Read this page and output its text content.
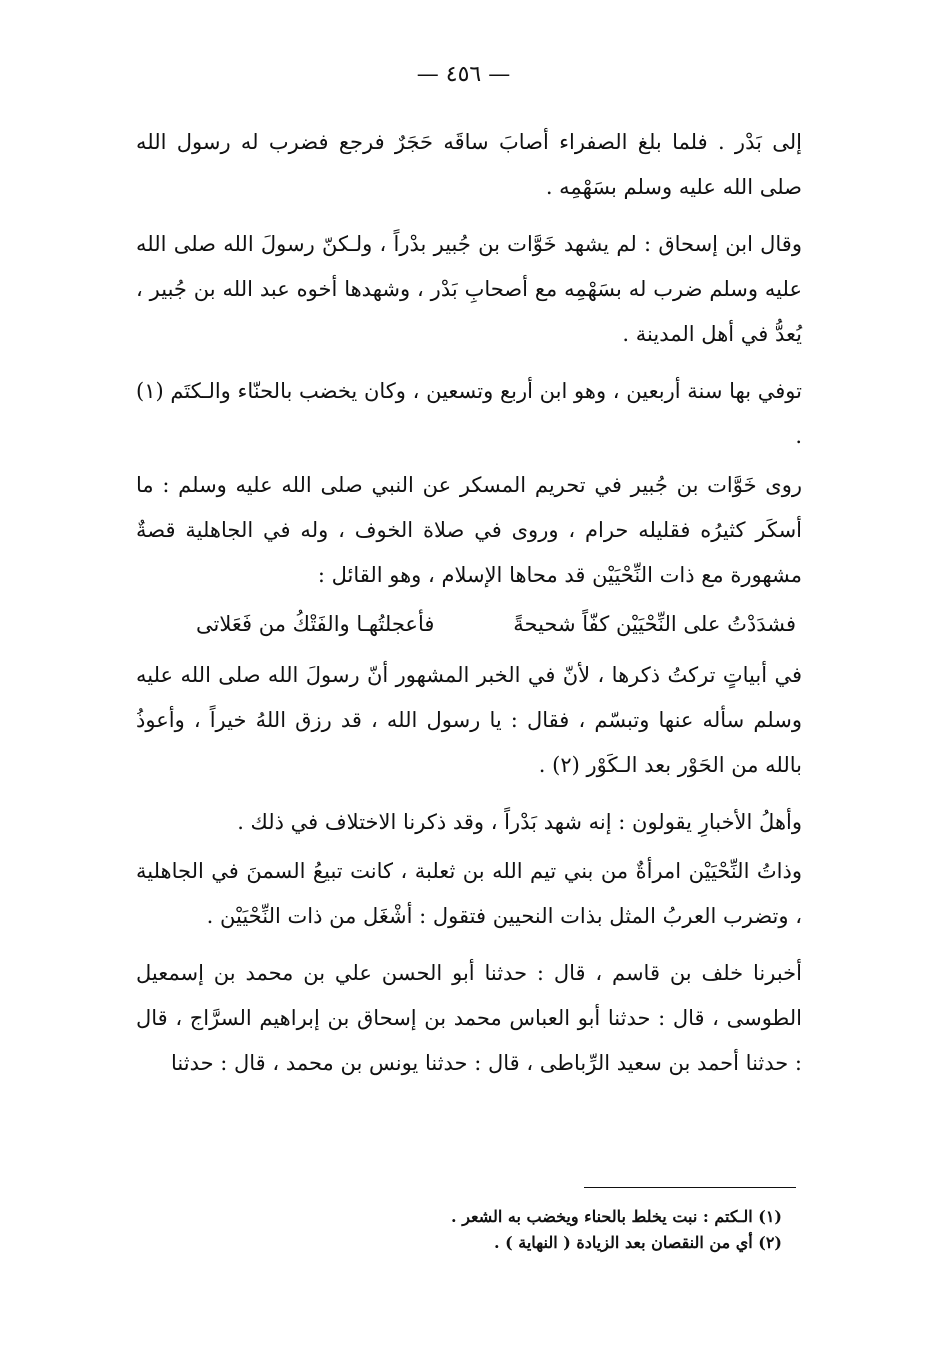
— ٤٥٦ —

إلى بَدْر . فلما بلغ الصفراء أصابَ ساقَه حَجَرٌ فرجع فضرب له رسول الله صلى الله عليه وسلم بسَهْمِه .

وقال ابن إسحاق : لم يشهد خَوَّات بن جُبير بدْراً ، ولـكنّ رسولَ الله صلى الله عليه وسلم ضرب له بسَهْمِه مع أصحابِ بَدْر ، وشهدها أخوه عبد الله بن جُبير ، يُعدُّ في أهل المدينة .

توفي بها سنة أربعين ، وهو ابن أربع وتسعين ، وكان يخضب بالحنّاء والـكتَم (١) .

روى خَوَّات بن جُبير في تحريم المسكر عن النبي صلى الله عليه وسلم : ما أسكَر كثيرُه فقليله حرام ، وروى في صلاة الخوف ، وله في الجاهلية قصةٌ مشهورة مع ذات النِّحْيَيْن قد محاها الإسلام ، وهو القائل :

فشدَدْتُ على النِّحْيَيْن كفّاً شحيحةً
فأعجلتُهـا والفَتْكُ من فَعَلاتى

في أبياتٍ تركتُ ذكرها ، لأنّ في الخبر المشهور أنّ رسولَ الله صلى الله عليه وسلم سأله عنها وتبسّم ، فقال : يا رسول الله ، قد رزق اللهُ خيراً ، وأعوذُ بالله من الحَوْر بعد الـكَوْر (٢) .

وأهلُ الأخبارِ يقولون : إنه شهد بَدْراً ، وقد ذكرنا الاختلاف في ذلك .

وذاتُ النِّحْيَيْن امرأةٌ من بني تيم الله بن ثعلبة ، كانت تبيعُ السمنَ في الجاهلية ، وتضرب العربُ المثل بذات النحيين فتقول : أشْغَل من ذات النِّحْيَيْن .

أخبرنا خلف بن قاسم ، قال : حدثنا أبو الحسن علي بن محمد بن إسمعيل الطوسى ، قال : حدثنا أبو العباس محمد بن إسحاق بن إبراهيم السرَّاج ، قال : حدثنا أحمد بن سعيد الرِّباطى ، قال : حدثنا يونس بن محمد ، قال : حدثنا

(١) الـكتم : نبت يخلط بالحناء ويخضب به الشعر .

(٢) أي من النقصان بعد الزيادة ( النهاية ) .
